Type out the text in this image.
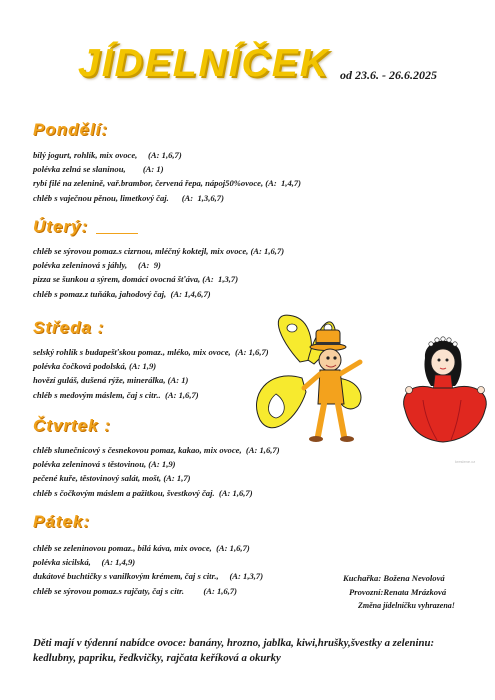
JÍDELNÍČEK od 23.6. - 26.6.2025
Pondělí:
bílý jogurt, rohlík, mix ovoce,     (A: 1,6,7)
polévka zelná se slaninou,        (A: 1)
rybí filé na zelenině, vař.brambor, červená řepa, nápoj50%ovoce, (A:  1,4,7)
chléb s vaječnou pěnou, limetkový čaj.      (A:  1,3,6,7)
Úterý:
chléb se sýrovou pomaz.s cizrnou, mléčný koktejl, mix ovoce, (A: 1,6,7)
polévka zeleninová s jáhly,     (A:  9)
pizza se šunkou a sýrem, domácí ovocná šťáva, (A:  1,3,7)
chléb s pomaz.z tuňáka, jahodový čaj,  (A: 1,4,6,7)
Středa :
selský rohlík s budapešťskou pomaz., mléko, mix ovoce,  (A: 1,6,7)
polévka čočková podolská, (A: 1,9)
hovězí guláš, dušená rýže, minerálka, (A: 1)
chléb s medovým máslem, čaj s citr..  (A: 1,6,7)
Čtvrtek :
chléb slunečnicový s česnekovou pomaz, kakao, mix ovoce,  (A: 1,6,7)
polévka zeleninová s těstovinou, (A: 1,9)
pečené kuře, těstovinový salát, mošt, (A: 1,7)
chléb s čočkovým máslem a pažitkou, švestkový čaj.  (A: 1,6,7)
Pátek:
chléb se zeleninovou pomaz., bílá káva, mix ovoce,  (A: 1,6,7)
polévka sicilská,     (A: 1,4,9)
dukátové buchtičky s vanilkovým krémem, čaj s citr.,     (A: 1,3,7)
chléb se sýrovou pomaz.s rajčaty, čaj s citr.         (A: 1,6,7)
Kuchařka: Božena Nevolová
Provozní:Renata Mrázková
Změna jídelníčku vyhrazena!
Děti mají v týdenní nabídce ovoce: banány, hrozno, jablka, kiwi,hrušky,švestky a zeleninu:
kedlubny, papriku, ředkvičky, rajčata keříková a okurky
kreslene.cz
